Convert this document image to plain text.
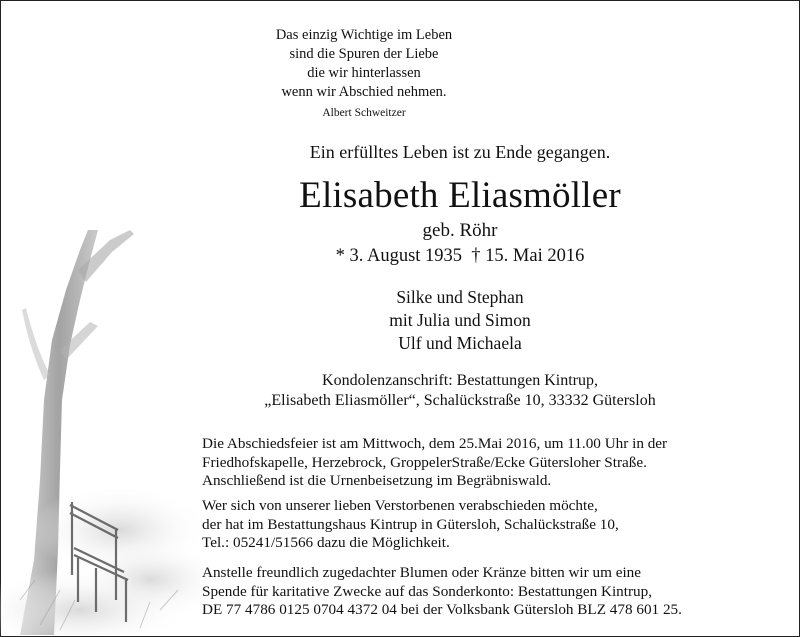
Das einzig Wichtige im Leben
sind die Spuren der Liebe
die wir hinterlassen
wenn wir Abschied nehmen.
Albert Schweitzer
Ein erfülltes Leben ist zu Ende gegangen.
Elisabeth Eliasmöller
geb. Röhr
* 3. August 1935  † 15. Mai 2016
Silke und Stephan
mit Julia und Simon
Ulf und Michaela
Kondolenzanschrift: Bestattungen Kintrup,
„Elisabeth Eliasmöller“, Schalückstraße 10, 33332 Gütersloh
Die Abschiedsfeier ist am Mittwoch, dem 25.Mai 2016, um 11.00 Uhr in der
Friedhofskapelle, Herzebrock, GroppelerStraße/Ecke Gütersloher Straße.
Anschließend ist die Urnenbeisetzung im Begräbniswald.
Wer sich von unserer lieben Verstorbenen verabschieden möchte,
der hat im Bestattungshaus Kintrup in Gütersloh, Schalückstraße 10,
Tel.: 05241/51566 dazu die Möglichkeit.
Anstelle freundlich zugedachter Blumen oder Kränze bitten wir um eine
Spende für karitative Zwecke auf das Sonderkonto: Bestattungen Kintrup,
DE 77 4786 0125 0704 4372 04 bei der Volksbank Gütersloh BLZ 478 601 25.
